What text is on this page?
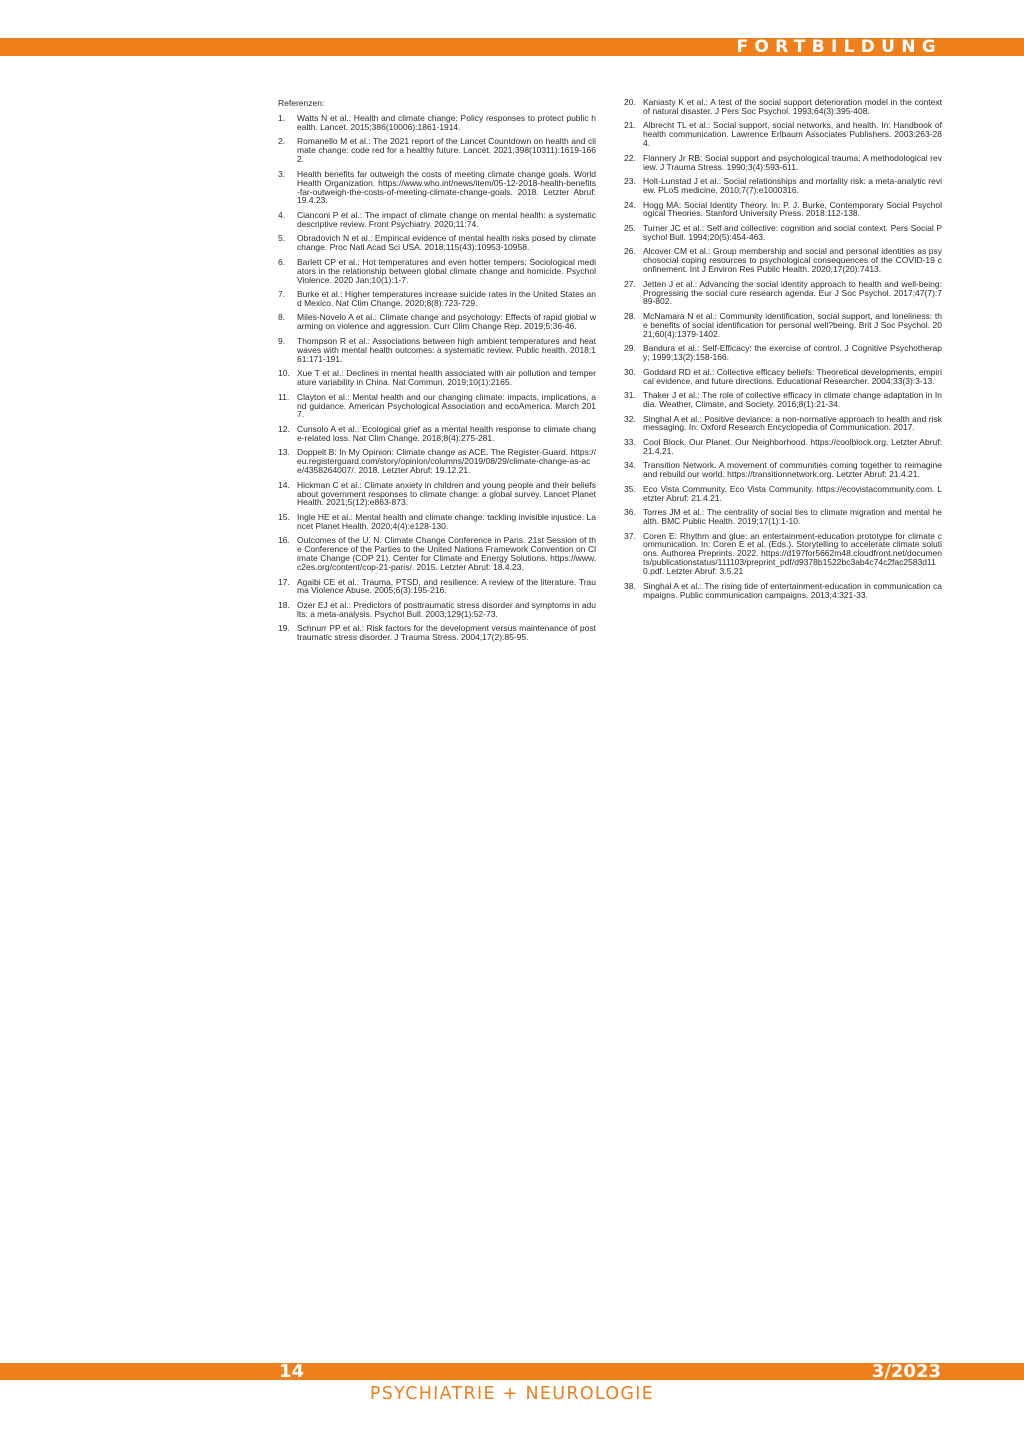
FORTBILDUNG
Referenzen:
1.	Watts N et al.: Health and climate change: Policy responses to protect public health. Lancet. 2015;386(10006):1861-1914.
2.	Romanello M et al.: The 2021 report of the Lancet Countdown on health and climate change: code red for a healthy future. Lancet. 2021;398(10311):1619-1662.
3.	Health benefits far outweigh the costs of meeting climate change goals. World Health Organization. https://www.who.int/news/item/05-12-2018-health-benefits-far-outweigh-the-costs-of-meeting-climate-change-goals. 2018. Letzter Abruf: 19.4.23.
4.	Cianconi P et al.: The impact of climate change on mental health: a systematic descriptive review. Front Psychiatry. 2020;11:74.
5.	Obradovich N et al.: Empirical evidence of mental health risks posed by climate change. Proc Natl Acad Sci USA. 2018;115(43):10953-10958.
6.	Barlett CP et al.: Hot temperatures and even hotter tempers: Sociological mediators in the relationship between global climate change and homicide. Psychol Violence. 2020 Jan;10(1):1-7.
7.	Burke et al.: Higher temperatures increase suicide rates in the United States and Mexico. Nat Clim Change. 2020;8(8):723-729.
8.	Miles-Novelo A et al.: Climate change and psychology: Effects of rapid global warming on violence and aggression. Curr Clim Change Rep. 2019;5:36-46.
9.	Thompson R et al.: Associations between high ambient temperatures and heat waves with mental health outcomes: a systematic review. Public health. 2018;161:171-191.
10. Xue T et al.: Declines in mental health associated with air pollution and temperature variability in China. Nat Commun. 2019;10(1):2165.
11. Clayton et al.: Mental health and our changing climate: impacts, implications, and guidance. American Psychological Association and ecoAmerica. March 2017.
12. Cunsolo A et al.: Ecological grief as a mental health response to climate change-related loss. Nat Clim Change. 2018;8(4):275-281.
13. Doppelt B: In My Opinion: Climate change as ACE. The Register-Guard. https://eu.registerguard.com/story/opinion/columns/2019/08/29/climate-change-as-ace/4358264007/. 2018. Letzter Abruf: 19.12.21.
14. Hickman C et al.: Climate anxiety in children and young people and their beliefs about government responses to climate change: a global survey. Lancet Planet Health. 2021;5(12):e863-873.
15. Ingle HE et al.: Mental health and climate change: tackling invisible injustice. Lancet Planet Health. 2020;4(4):e128-130.
16. Outcomes of the U. N. Climate Change Conference in Paris. 21st Session of the Conference of the Parties to the United Nations Framework Convention on Climate Change (COP 21). Center for Climate and Energy Solutions. https://www.c2es.org/content/cop-21-paris/. 2015. Letzter Abruf: 18.4.23.
17. Agaibi CE et al.: Trauma, PTSD, and resilience: A review of the literature. Trauma Violence Abuse. 2005;6(3):195-216.
18. Ozer EJ et al.: Predictors of posttraumatic stress disorder and symptoms in adults: a meta-analysis. Psychol Bull. 2003;129(1):52-73.
19. Schnurr PP et al.: Risk factors for the development versus maintenance of posttraumatic stress disorder. J Trauma Stress. 2004;17(2):85-95.
20. Kaniasty K et al.: A test of the social support deterioration model in the context of natural disaster. J Pers Soc Psychol. 1993;64(3):395-408.
21. Albrecht TL et al.: Social support, social networks, and health. In: Handbook of health communication. Lawrence Erlbaum Associates Publishers. 2003:263-284.
22. Flannery Jr RB: Social support and psychological trauma: A methodological review. J Trauma Stress. 1990;3(4):593-611.
23. Holt-Lunstad J et al.: Social relationships and mortality risk: a meta-analytic review. PLoS medicine. 2010;7(7):e1000316.
24. Hogg MA: Social Identity Theory. In: P. J. Burke, Contemporary Social Psychological Theories. Stanford University Press. 2018:112-138.
25. Turner JC et al.: Self and collective: cognition and social context. Pers Social Psychol Bull. 1994;20(5):454-463.
26. Alcover CM et al.: Group membership and social and personal identities as psychosocial coping resources to psychological consequences of the COVID-19 confinement. Int J Environ Res Public Health. 2020;17(20):7413.
27. Jetten J et al.: Advancing the social identity approach to health and well-being: Progressing the social cure research agenda. Eur J Soc Psychol. 2017;47(7):789-802.
28. McNamara N et al.: Community identification, social support, and loneliness: the benefits of social identification for personal well?being. Brit J Soc Psychol. 2021;60(4):1379-1402.
29. Bandura et al.: Self-Efficacy: the exercise of control. J Cognitive Psychotherapy; 1999;13(2):158-166.
30. Goddard RD et al.: Collective efficacy beliefs: Theoretical developments, empirical evidence, and future directions. Educational Researcher. 2004;33(3):3-13.
31. Thaker J et al.: The role of collective efficacy in climate change adaptation in India. Weather, Climate, and Society. 2016;8(1):21-34.
32. Singhal A et al.: Positive deviance: a non-normative approach to health and risk messaging. In: Oxford Research Encyclopedia of Communication. 2017.
33. Cool Block. Our Planet. Our Neighborhood. https://coolblock.org. Letzter Abruf: 21.4.21.
34. Transition Network. A movement of communities coming together to reimagine and rebuild our world. https://transitionnetwork.org. Letzter Abruf: 21.4.21.
35. Eco Vista Community. Eco Vista Community. https://ecovistacommunity.com. Letzter Abruf: 21.4.21.
36. Torres JM et al.: The centrality of social ties to climate migration and mental health. BMC Public Health. 2019;17(1):1-10.
37. Coren E: Rhythm and glue: an entertainment-education prototype for climate communication. In: Coren E et al. (Eds.). Storytelling to accelerate climate solutions. Authorea Preprints. 2022. https://d197for5662m48.cloudfront.net/documents/publicationstatus/111103/preprint_pdf/d9378b1522bc3ab4c74c2fac2583d110.pdf. Letzter Abruf: 3.5.21
38. Singhal A et al.: The rising tide of entertainment-education in communication campaigns. Public communication campaigns. 2013;4:321-33.
14	3/2023
PSYCHIATRIE + NEUROLOGIE
